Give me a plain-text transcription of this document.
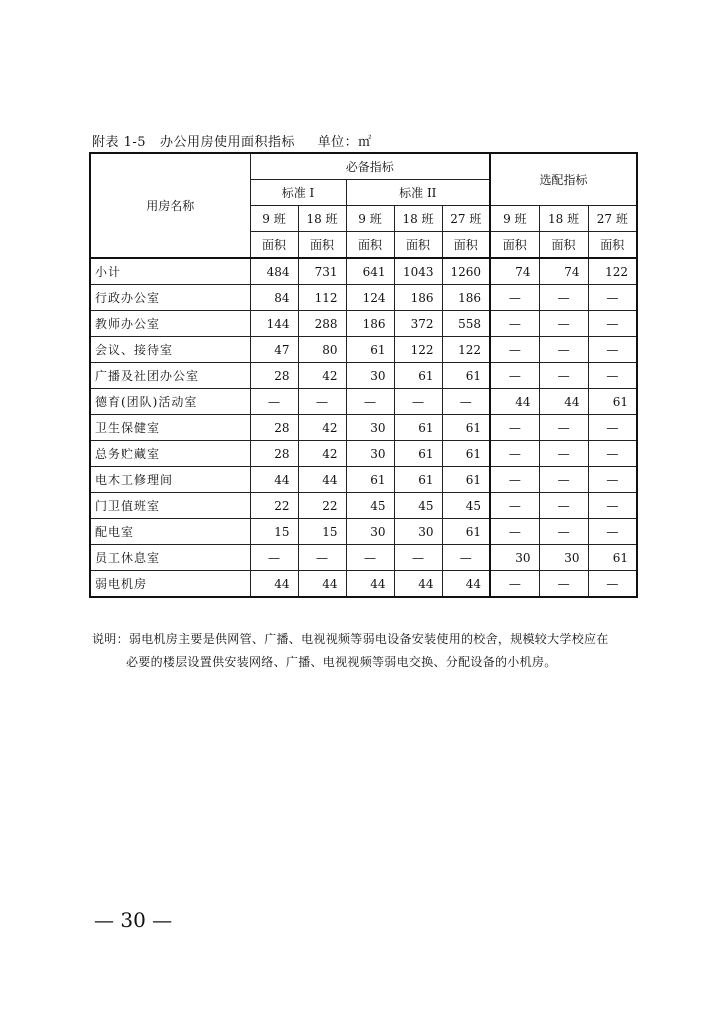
附表 1-5 办公用房使用面积指标 单位：㎡
用房名称	必备指标					选配指标		
	标准 I		标准 II					
	9 班	18 班	9 班	18 班	27 班	9 班	18 班	27 班
	面积	面积	面积	面积	面积	面积	面积	面积
小计	484	731	641	1043	1260	74	74	122
行政办公室	84	112	124	186	186	—	—	—
教师办公室	144	288	186	372	558	—	—	—
会议、接待室	47	80	61	122	122	—	—	—
广播及社团办公室	28	42	30	61	61	—	—	—
德育(团队)活动室	—	—	—	—	—	44	44	61
卫生保健室	28	42	30	61	61	—	—	—
总务贮藏室	28	42	30	61	61	—	—	—
电木工修理间	44	44	61	61	61	—	—	—
门卫值班室	22	22	45	45	45	—	—	—
配电室	15	15	30	30	61	—	—	—
员工休息室	—	—	—	—	—	30	30	61
弱电机房	44	44	44	44	44	—	—	—
说明：弱电机房主要是供网管、广播、电视视频等弱电设备安装使用的校舍，规模较大学校应在
必要的楼层设置供安装网络、广播、电视视频等弱电交换、分配设备的小机房。
— 30 —
